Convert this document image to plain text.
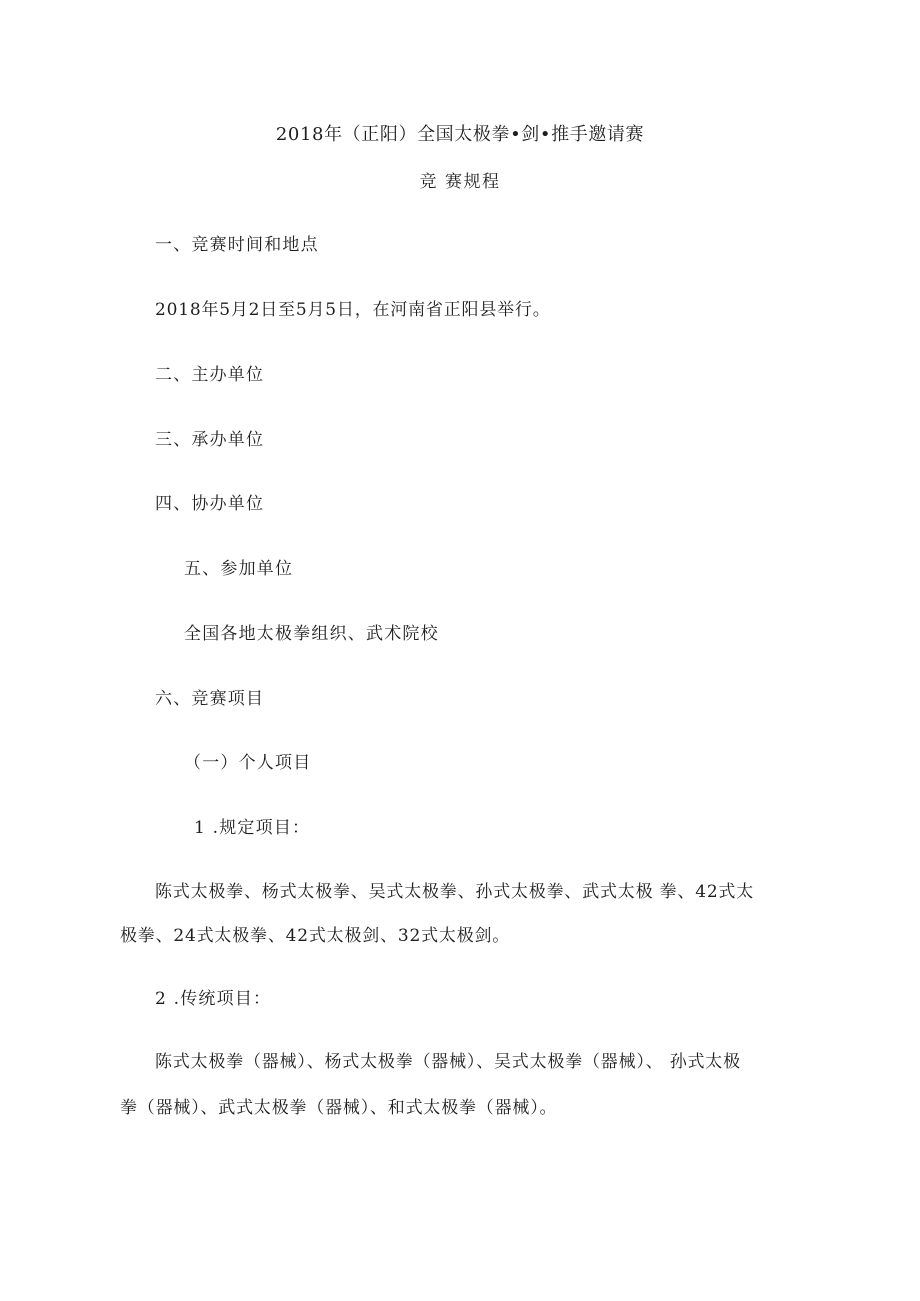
2018年（正阳）全国太极拳•剑•推手邀请赛
竞 赛规程
一、竞赛时间和地点
2018年5月2日至5月5日，在河南省正阳县举行。
二、主办单位
三、承办单位
四、协办单位
五、参加单位
全国各地太极拳组织、武术院校
六、竞赛项目
（一）个人项目
1 .规定项目：
陈式太极拳、杨式太极拳、吴式太极拳、孙式太极拳、武式太极 拳、42式太
极拳、24式太极拳、42式太极剑、32式太极剑。
2 .传统项目：
陈式太极拳（器械）、杨式太极拳（器械）、吴式太极拳（器械）、 孙式太极
拳（器械）、武式太极拳（器械）、和式太极拳（器械）。
